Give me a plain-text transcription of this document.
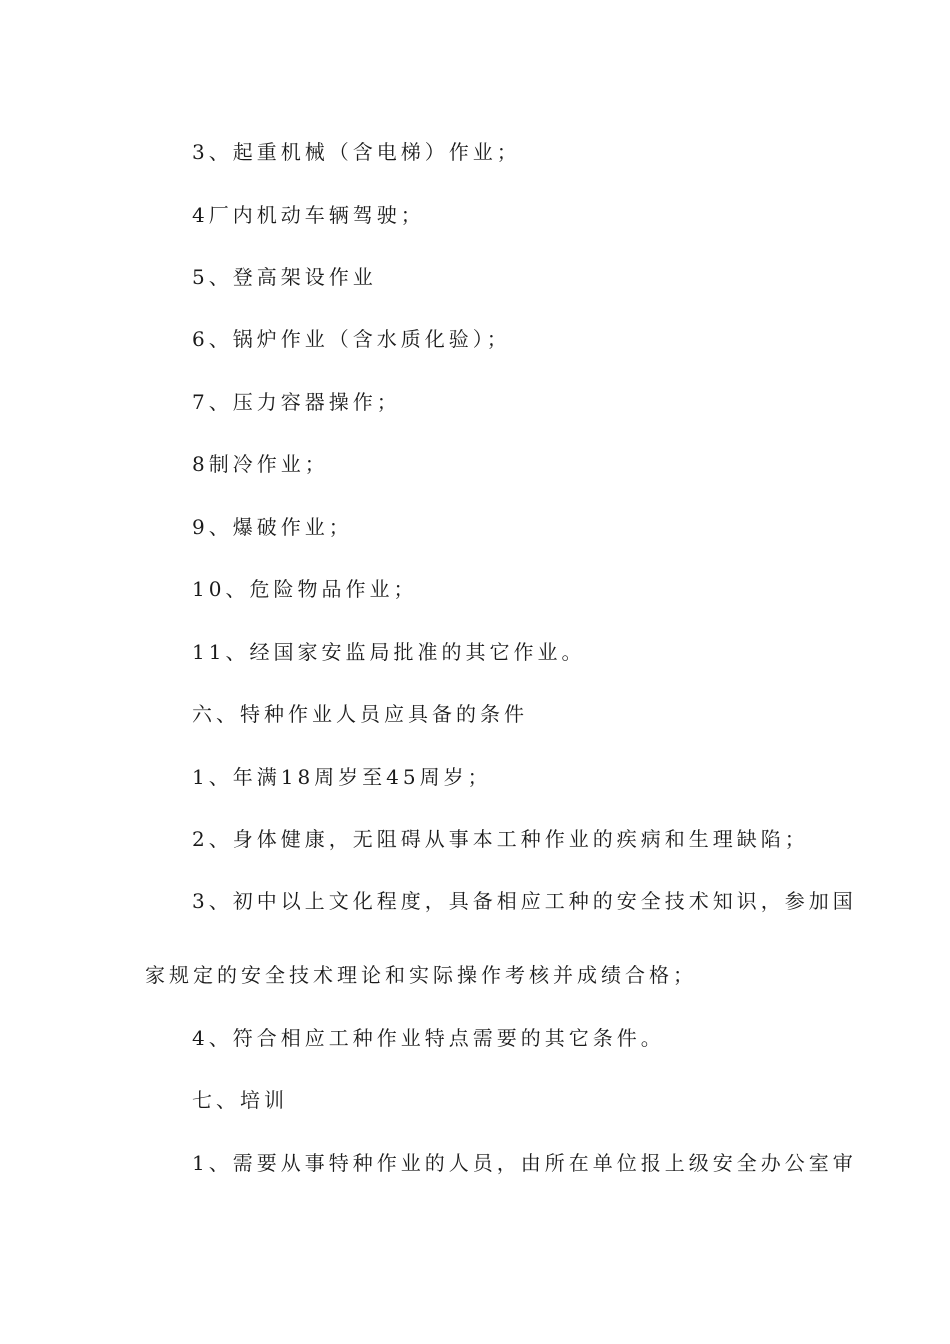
3、起重机械（含电梯）作业；

4厂内机动车辆驾驶；

5、登高架设作业

6、锅炉作业（含水质化验）；

7、压力容器操作；

8制冷作业；

9、爆破作业；

10、危险物品作业；

11、经国家安监局批准的其它作业。

六、特种作业人员应具备的条件

1、年满18周岁至45周岁；

2、身体健康，无阻碍从事本工种作业的疾病和生理缺陷；

3、初中以上文化程度，具备相应工种的安全技术知识，参加国

家规定的安全技术理论和实际操作考核并成绩合格；

4、符合相应工种作业特点需要的其它条件。

七、培训

1、需要从事特种作业的人员，由所在单位报上级安全办公室审
